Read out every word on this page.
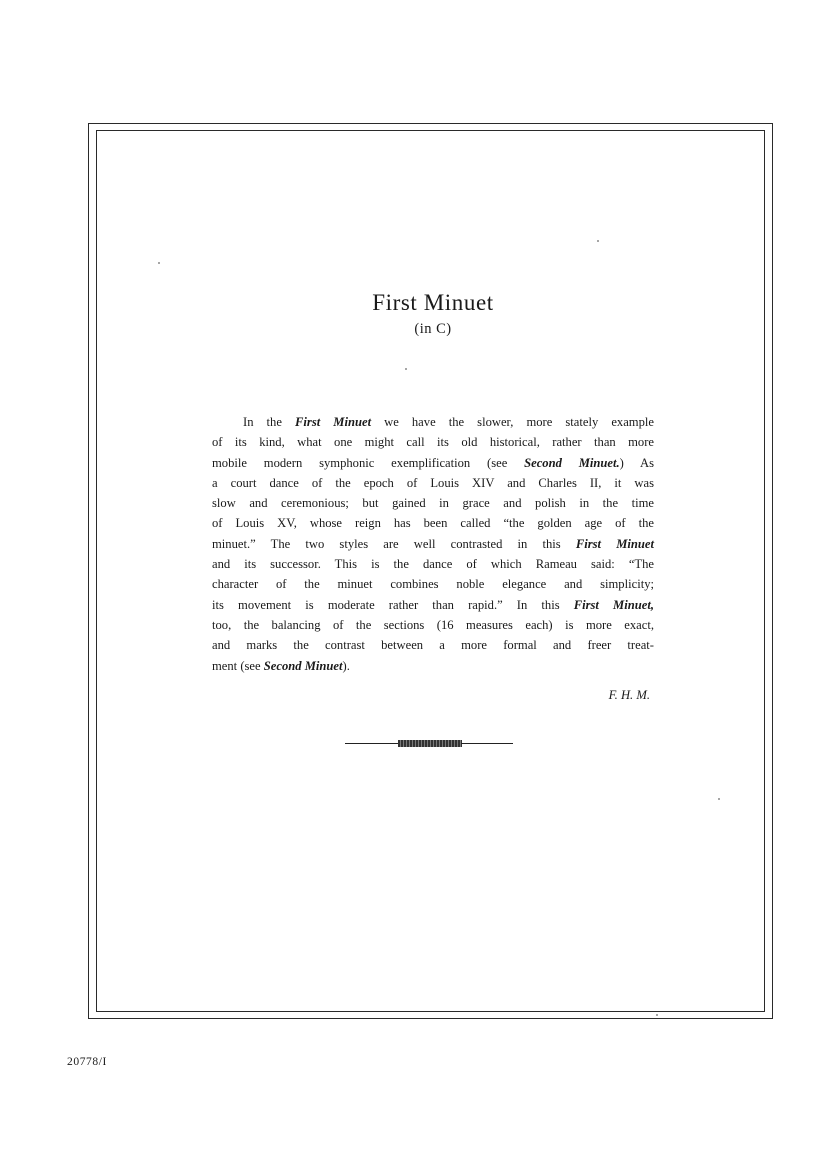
First Minuet

(in C)

In the First Minuet we have the slower, more stately example
of its kind, what one might call its old historical, rather than more
mobile modern symphonic exemplification (see Second Minuet.) As
a court dance of the epoch of Louis XIV and Charles II, it was
slow and ceremonious; but gained in grace and polish in the time
of Louis XV, whose reign has been called “the golden age of the
minuet.” The two styles are well contrasted in this First Minuet
and its successor. This is the dance of which Rameau said: “The
character of the minuet combines noble elegance and simplicity;
its movement is moderate rather than rapid.” In this First Minuet,
too, the balancing of the sections (16 measures each) is more exact,
and marks the contrast between a more formal and freer treat-
ment (see Second Minuet).

F. H. M.

20778/I
